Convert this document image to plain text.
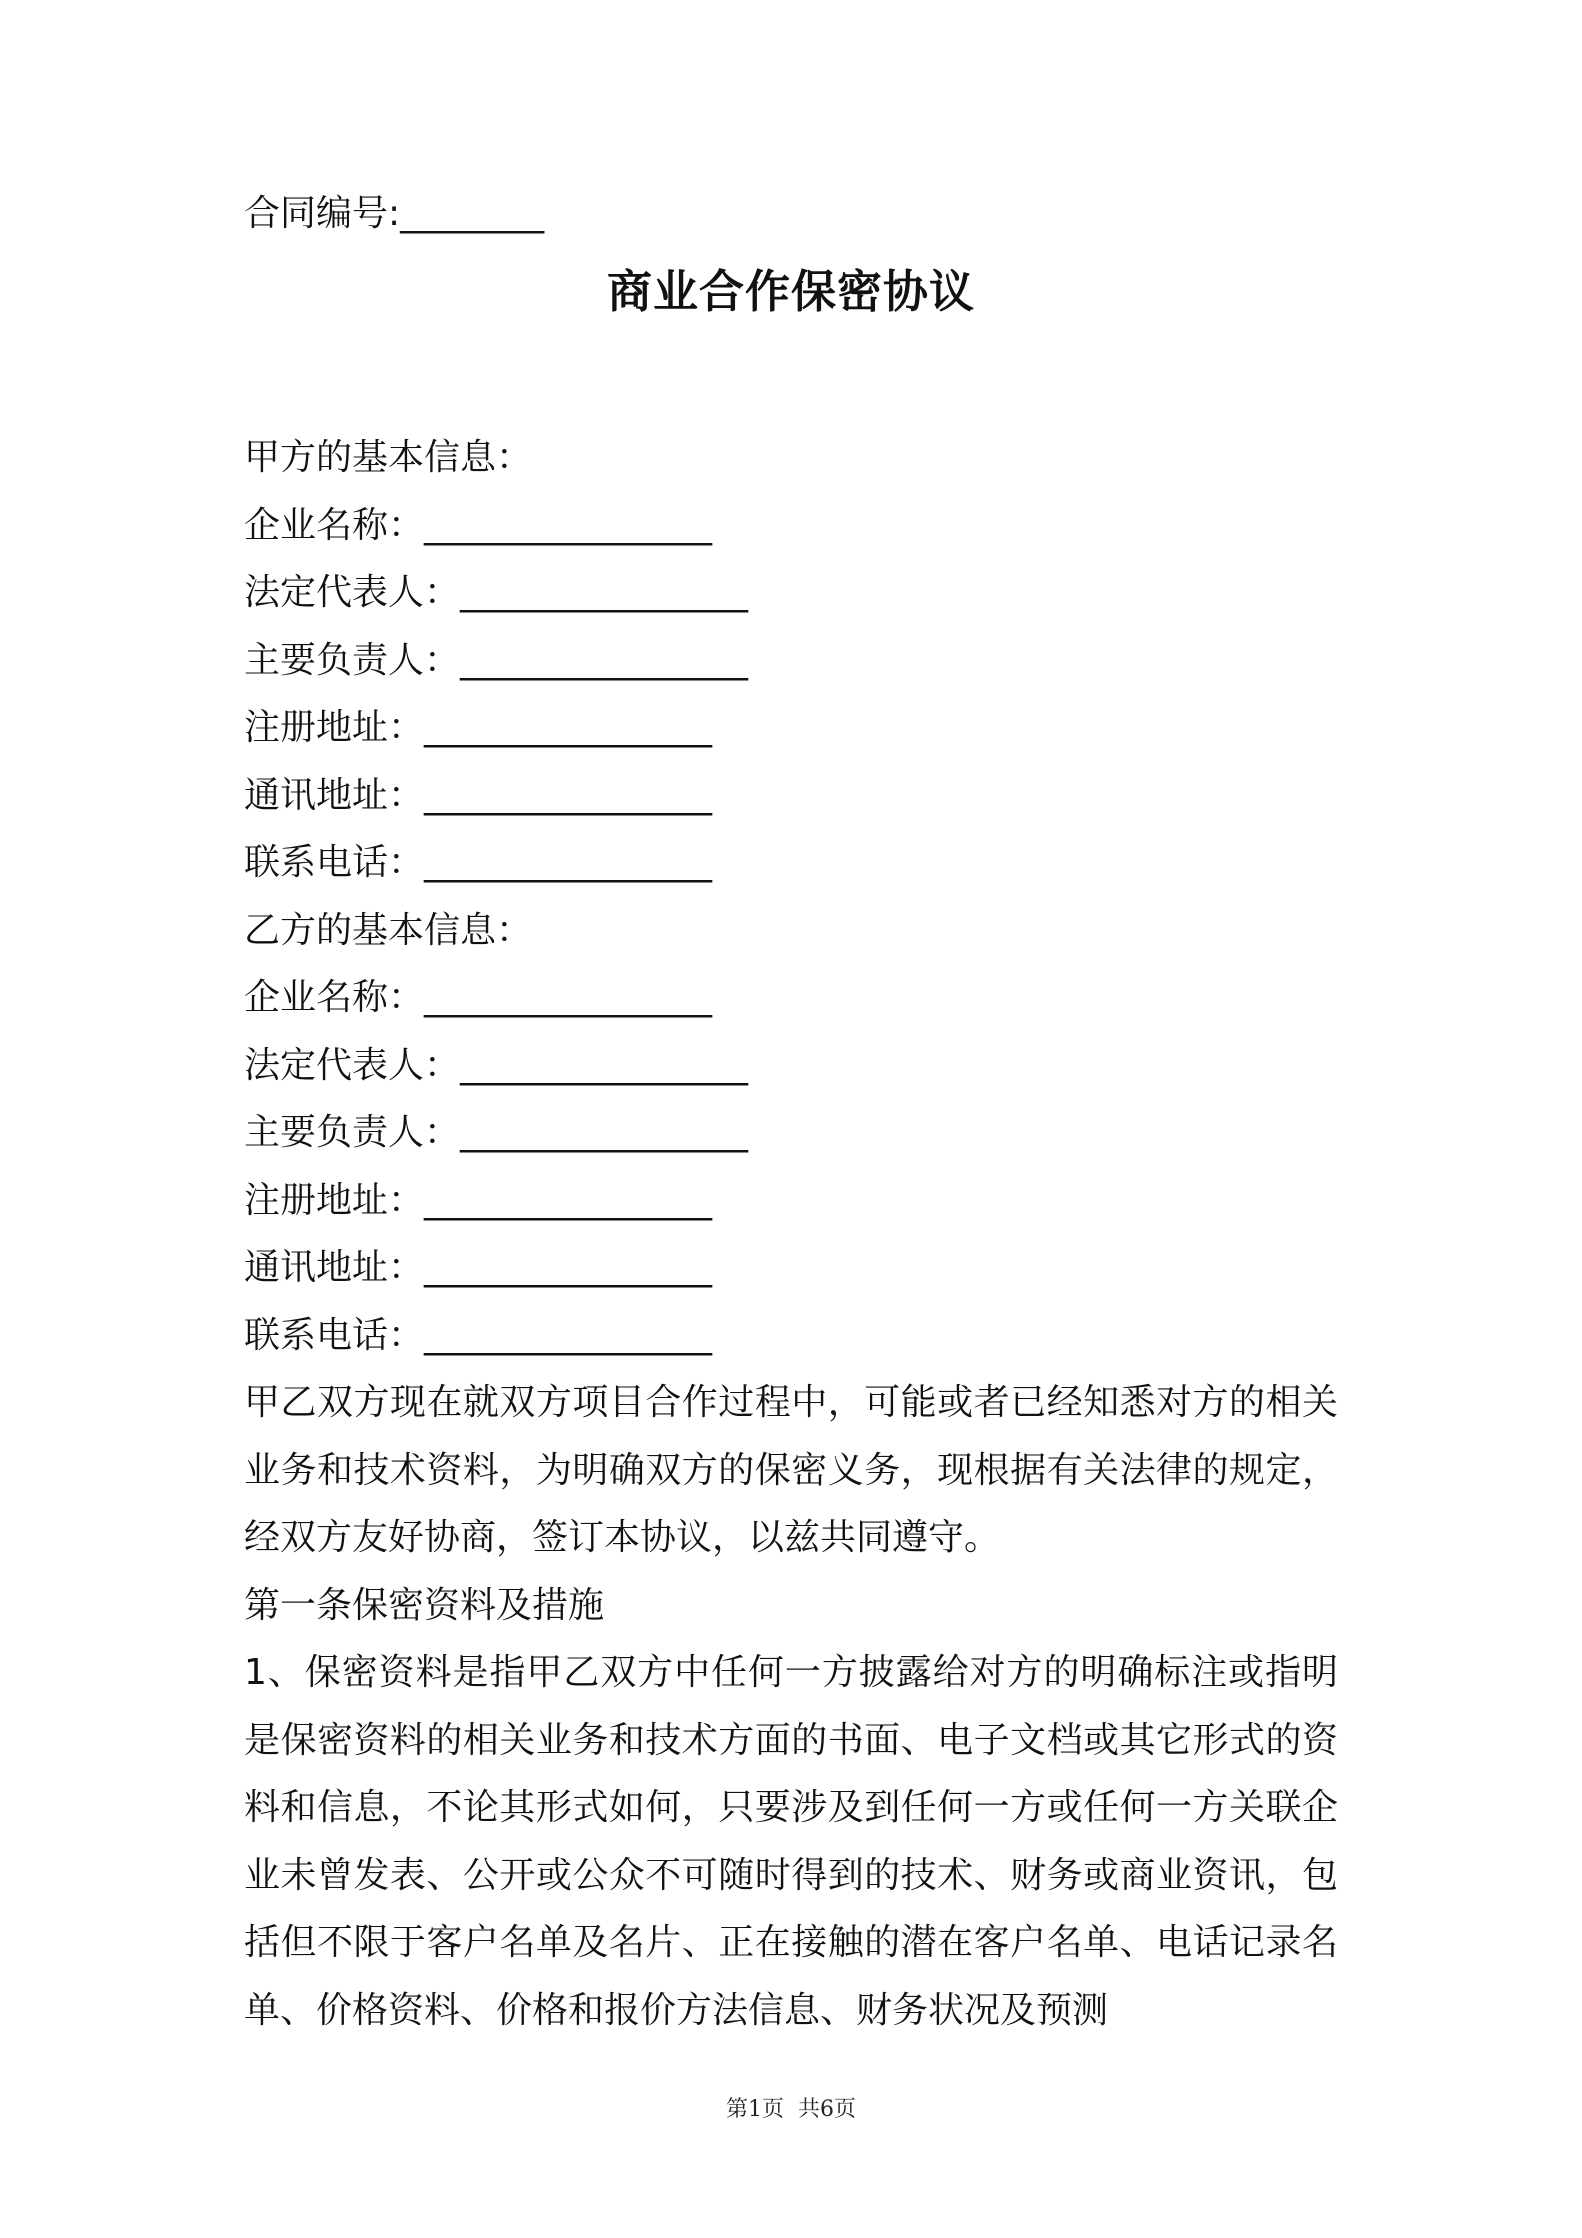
合同编号:________

商业合作保密协议

甲方的基本信息：

企业名称：________________

法定代表人：________________

主要负责人：________________

注册地址：________________

通讯地址：________________

联系电话：________________

乙方的基本信息：

企业名称：________________

法定代表人：________________

主要负责人：________________

注册地址：________________

通讯地址：________________

联系电话：________________

甲乙双方现在就双方项目合作过程中，可能或者已经知悉对方的相关业务和技术资料，为明确双方的保密义务，现根据有关法律的规定，经双方友好协商，签订本协议，以兹共同遵守。

第一条保密资料及措施

1、保密资料是指甲乙双方中任何一方披露给对方的明确标注或指明是保密资料的相关业务和技术方面的书面、电子文档或其它形式的资料和信息，不论其形式如何，只要涉及到任何一方或任何一方关联企业未曾发表、公开或公众不可随时得到的技术、财务或商业资讯，包括但不限于客户名单及名片、正在接触的潜在客户名单、电话记录名单、价格资料、价格和报价方法信息、财务状况及预测

第1页  共6页
